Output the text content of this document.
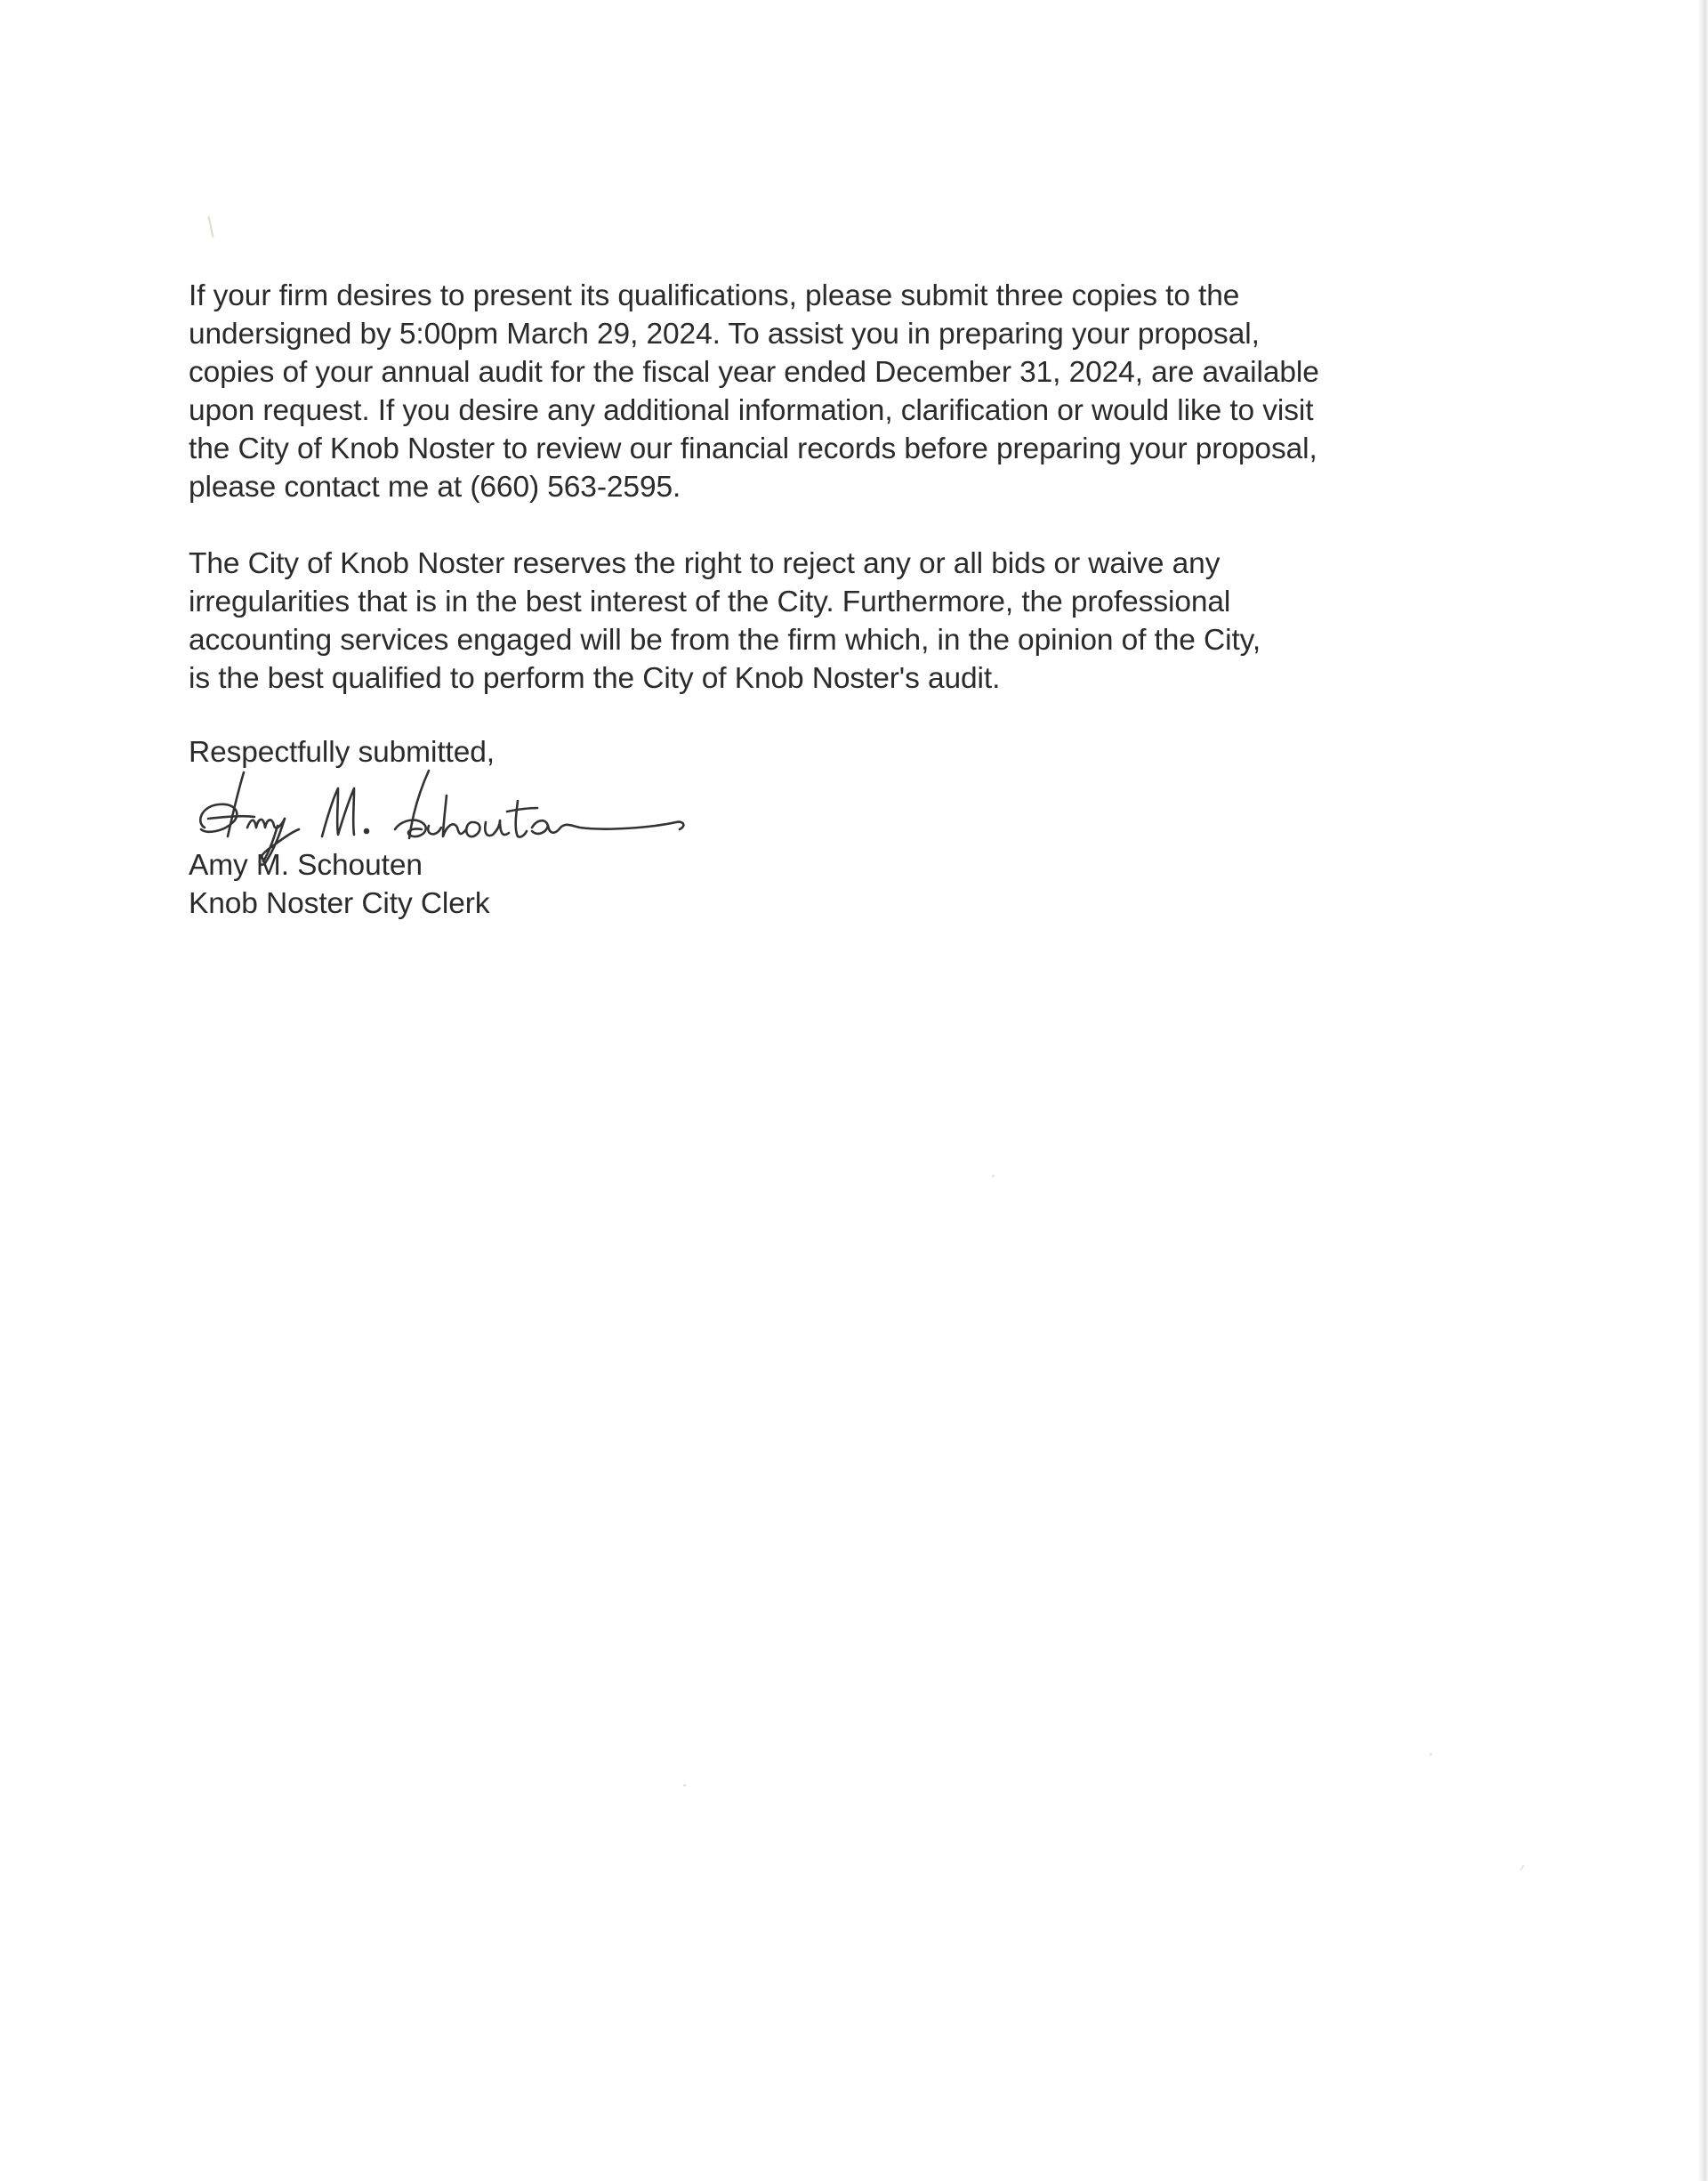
If your firm desires to present its qualifications, please submit three copies to the
undersigned by 5:00pm March 29, 2024. To assist you in preparing your proposal,
copies of your annual audit for the fiscal year ended December 31, 2024, are available
upon request. If you desire any additional information, clarification or would like to visit
the City of Knob Noster to review our financial records before preparing your proposal,
please contact me at (660) 563-2595.
The City of Knob Noster reserves the right to reject any or all bids or waive any
irregularities that is in the best interest of the City. Furthermore, the professional
accounting services engaged will be from the firm which, in the opinion of the City,
is the best qualified to perform the City of Knob Noster's audit.
Respectfully submitted,
Amy M. Schouten
Knob Noster City Clerk
